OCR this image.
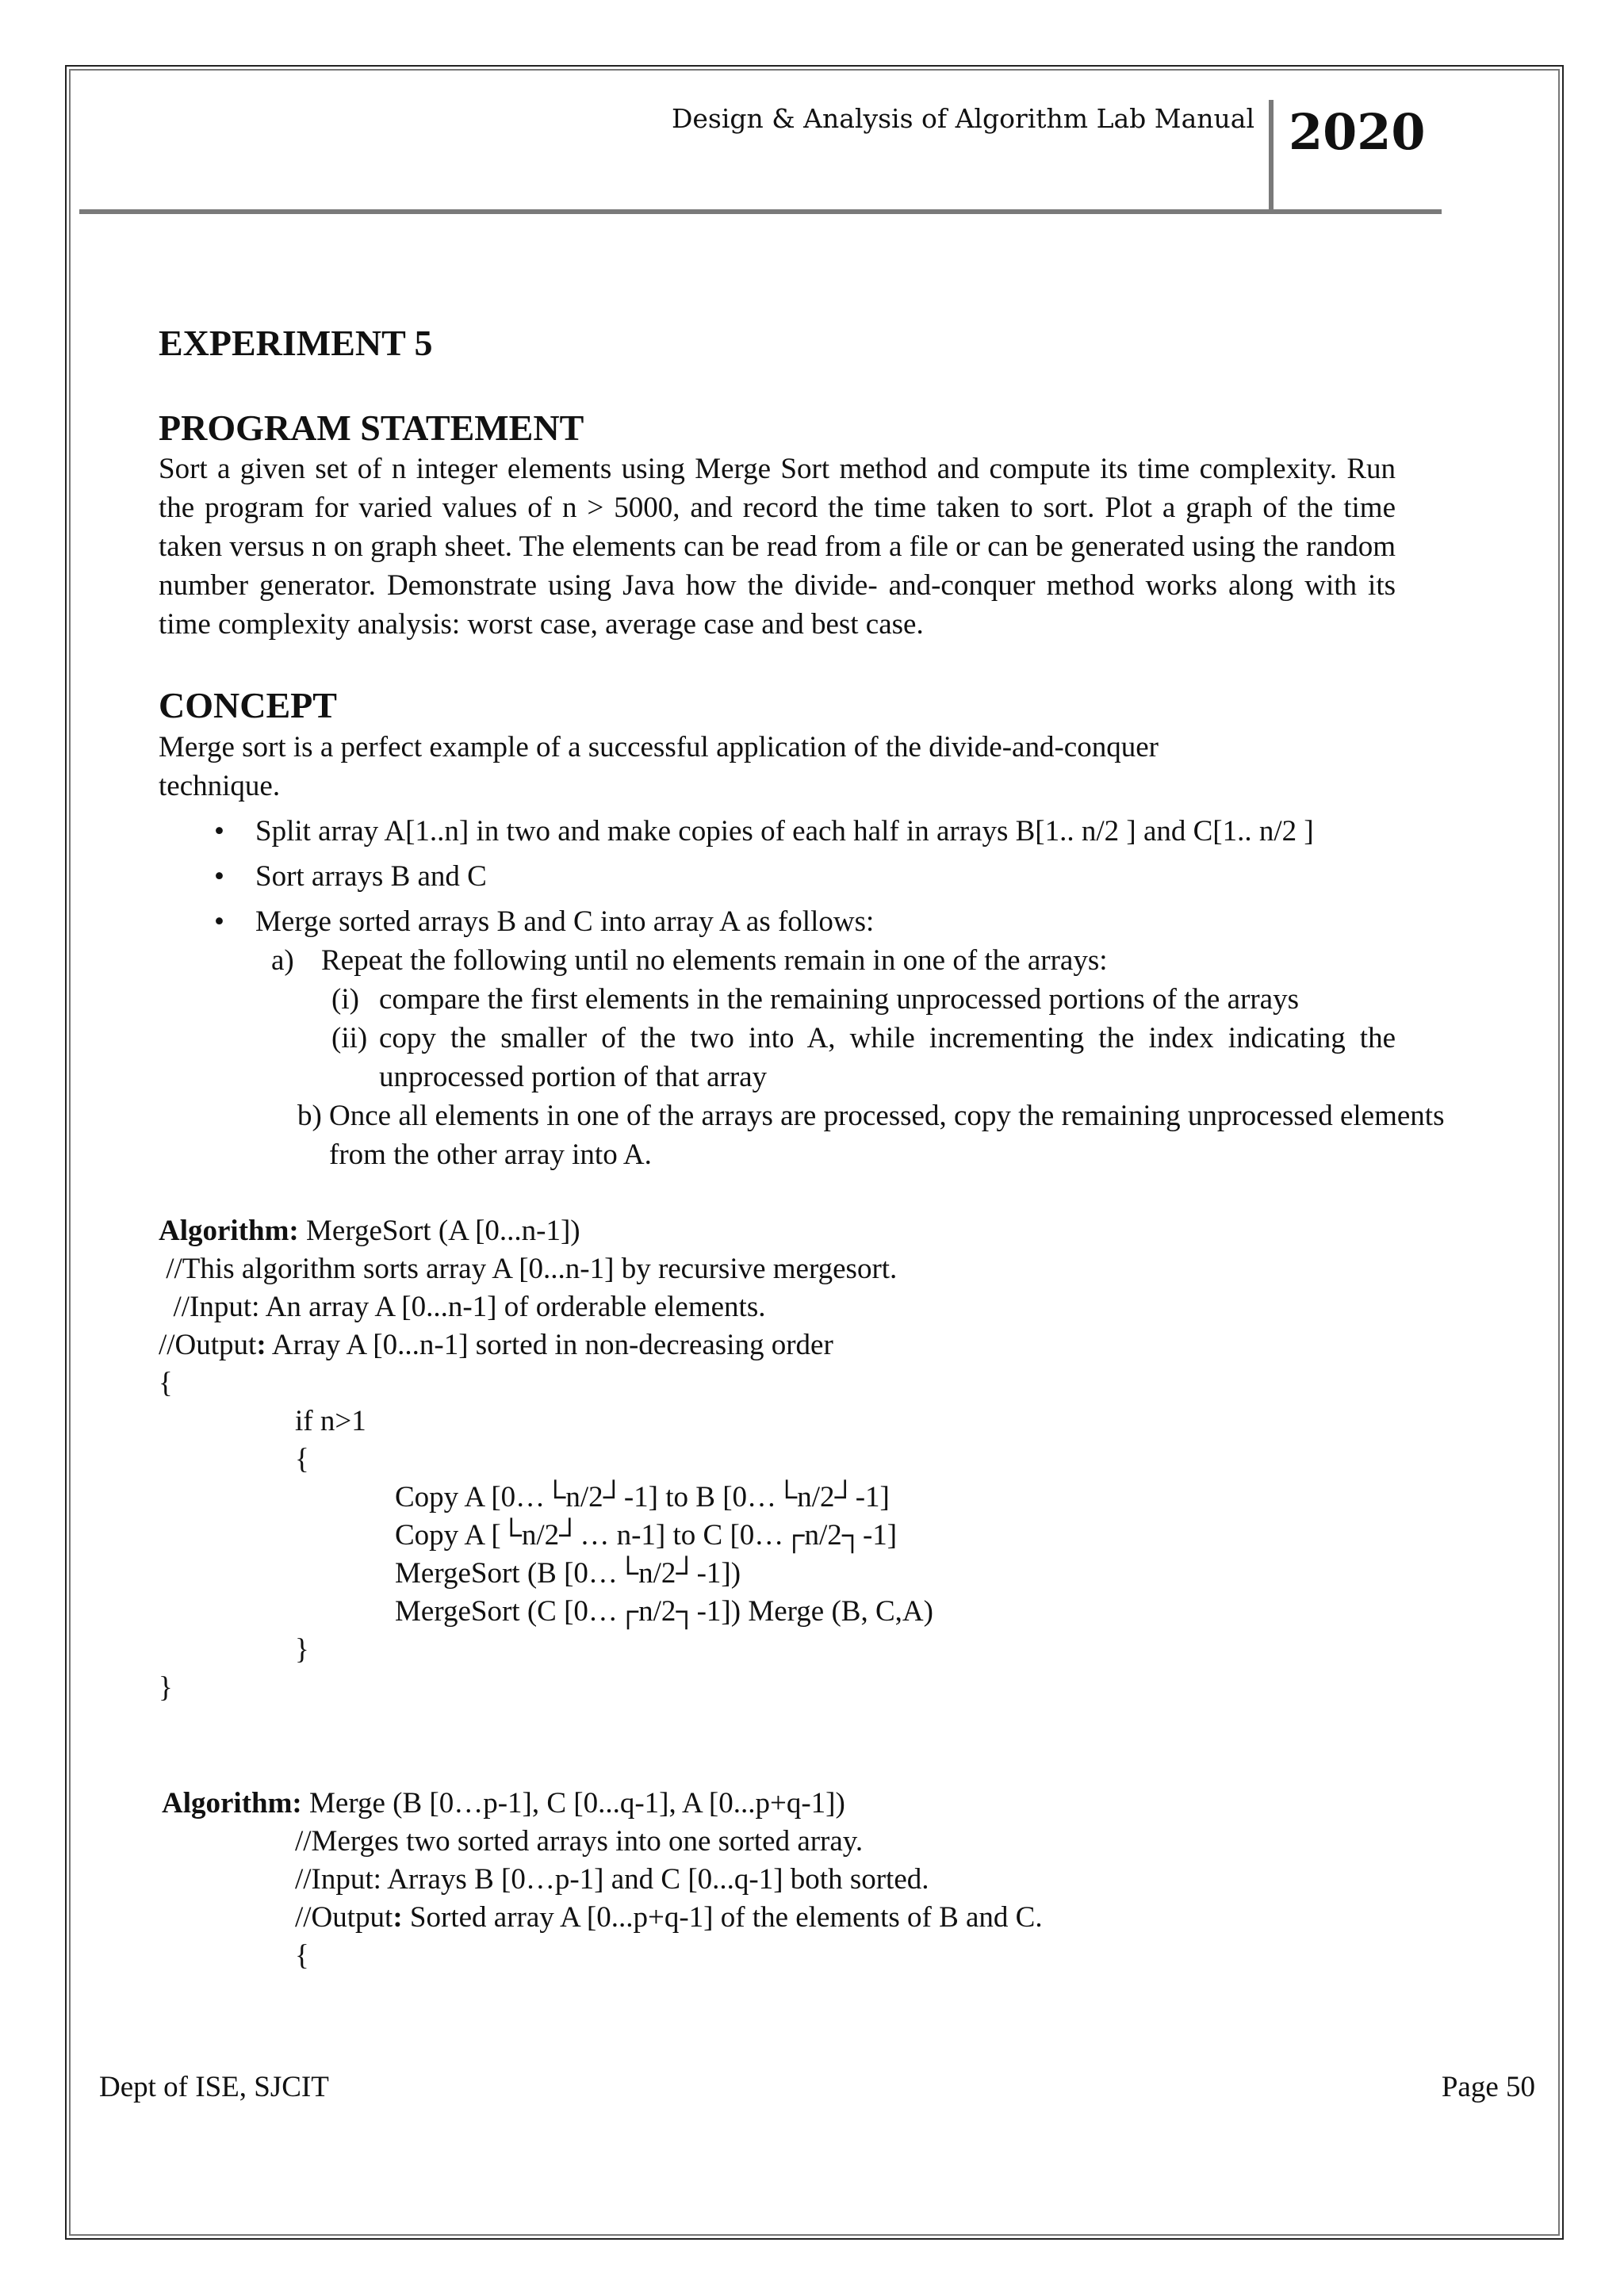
Design & Analysis of Algorithm Lab Manual 2020
EXPERIMENT 5
PROGRAM STATEMENT

Sort a given set of n integer elements using Merge Sort method and compute its time complexity. Run the program for varied values of n > 5000, and record the time taken to sort. Plot a graph of the time taken versus n on graph sheet. The elements can be read from a file or can be generated using the random number generator. Demonstrate using Java how the divide- and-conquer method works along with its time complexity analysis: worst case, average case and best case.

CONCEPT

Merge sort is a perfect example of a successful application of the divide-and-conquer technique.

• Split array A[1..n] in two and make copies of each half in arrays B[1.. n/2 ] and C[1.. n/2 ]
• Sort arrays B and C
• Merge sorted arrays B and C into array A as follows:
a) Repeat the following until no elements remain in one of the arrays:
(i) compare the first elements in the remaining unprocessed portions of the arrays
(ii) copy the smaller of the two into A, while incrementing the index indicating the unprocessed portion of that array
b) Once all elements in one of the arrays are processed, copy the remaining unprocessed elements from the other array into A.
Algorithm: MergeSort (A [0...n-1])
//This algorithm sorts array A [0...n-1] by recursive mergesort.
//Input: An array A [0...n-1] of orderable elements.
//Output: Array A [0...n-1] sorted in non-decreasing order
{
if n>1
{
Copy A [0…└n/2┘-1] to B [0…└n/2┘-1]
Copy A [└n/2┘… n-1] to C [0…┌n/2┐-1]
MergeSort (B [0…└n/2┘-1])
MergeSort (C [0…┌n/2┐-1]) Merge (B, C,A)
}
}
Algorithm: Merge (B [0…p-1], C [0...q-1], A [0...p+q-1])
//Merges two sorted arrays into one sorted array.
//Input: Arrays B [0…p-1] and C [0...q-1] both sorted.
//Output: Sorted array A [0...p+q-1] of the elements of B and C.
{
Dept of ISE, SJCIT	Page 50
